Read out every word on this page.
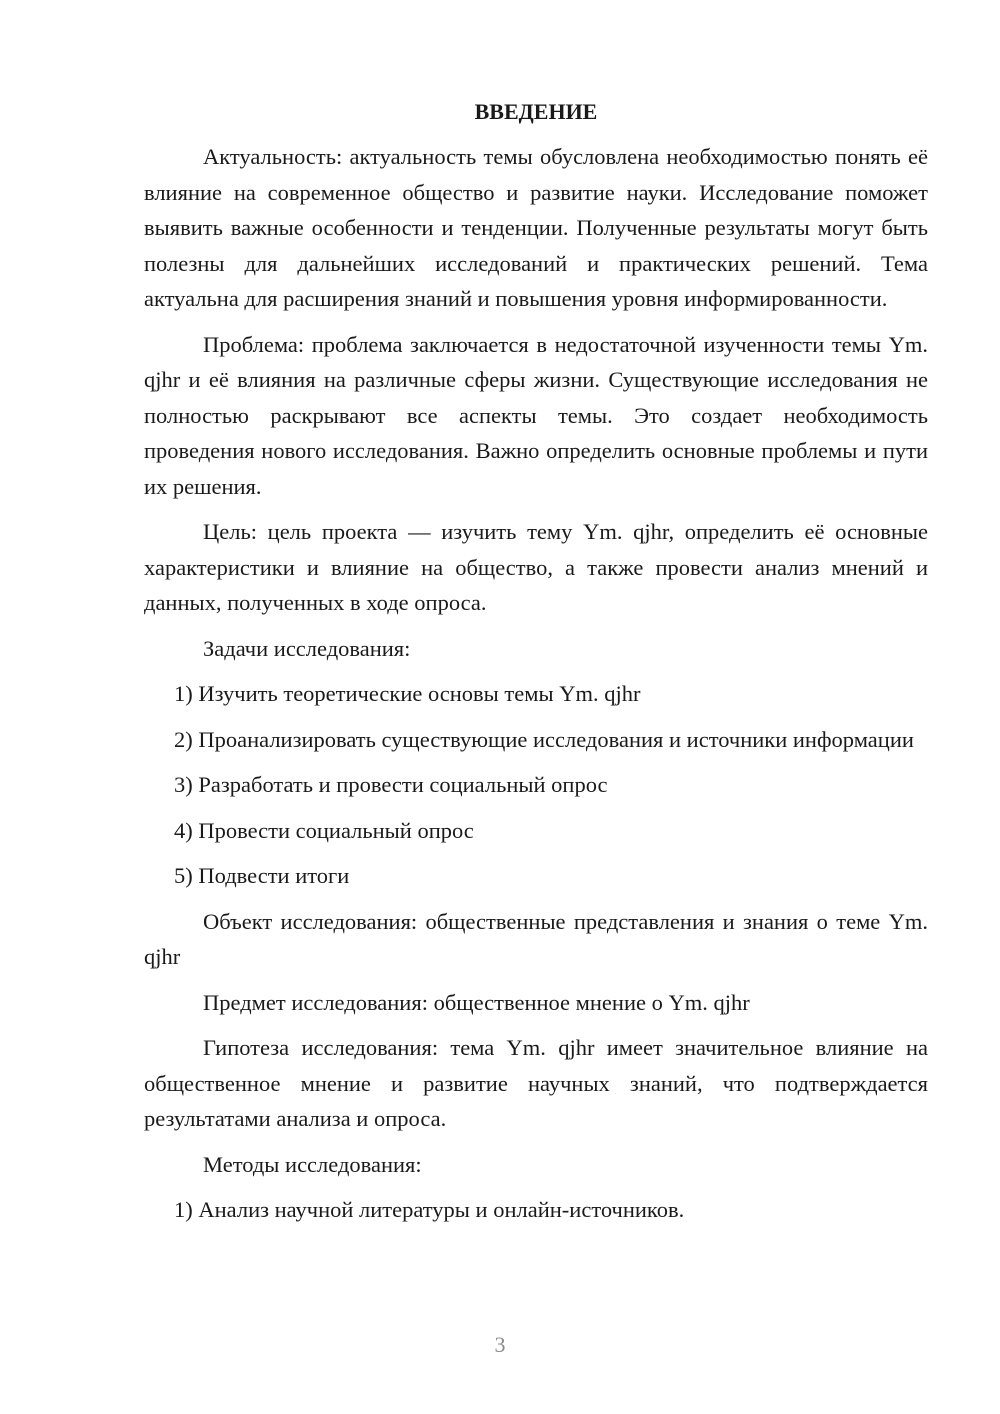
ВВЕДЕНИЕ

Актуальность: актуальность темы обусловлена необходимостью понять её влияние на современное общество и развитие науки. Исследование поможет выявить важные особенности и тенденции. Полученные результаты могут быть полезны для дальнейших исследований и практических решений. Тема актуальна для расширения знаний и повышения уровня информированности.

Проблема: проблема заключается в недостаточной изученности темы Ym. qjhr и её влияния на различные сферы жизни. Существующие исследования не полностью раскрывают все аспекты темы. Это создает необходимость проведения нового исследования. Важно определить основные проблемы и пути их решения.

Цель: цель проекта — изучить тему Ym. qjhr, определить её основные характеристики и влияние на общество, а также провести анализ мнений и данных, полученных в ходе опроса.

Задачи исследования:

1) Изучить теоретические основы темы Ym. qjhr

2) Проанализировать существующие исследования и источники информации

3) Разработать и провести социальный опрос

4) Провести социальный опрос

5) Подвести итоги

Объект исследования: общественные представления и знания о теме Ym. qjhr

Предмет исследования: общественное мнение о Ym. qjhr

Гипотеза исследования: тема Ym. qjhr имеет значительное влияние на общественное мнение и развитие научных знаний, что подтверждается результатами анализа и опроса.

Методы исследования:

1) Анализ научной литературы и онлайн-источников.

3
